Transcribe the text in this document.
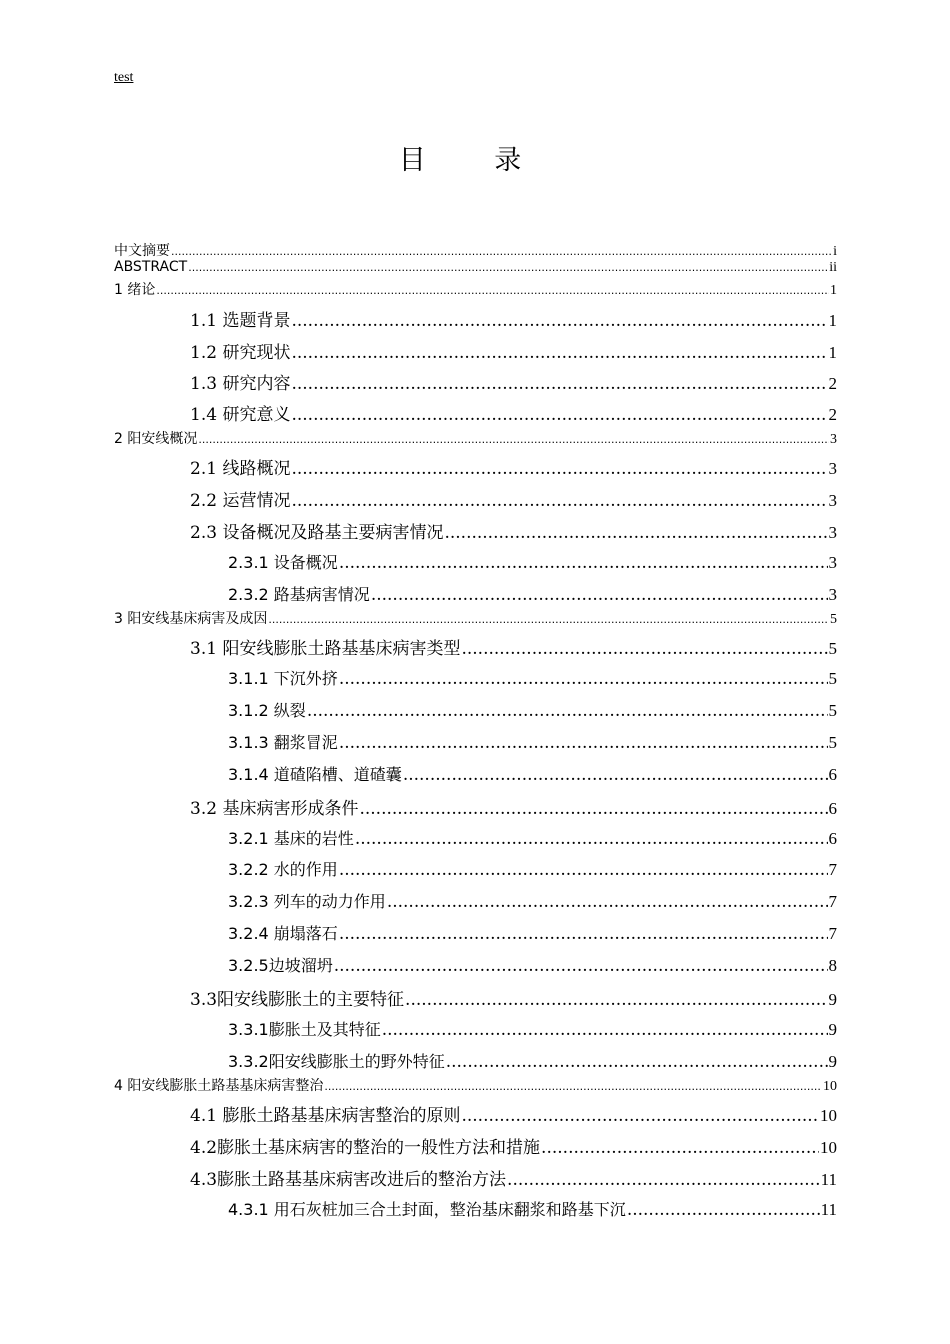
test
目 录
中文摘要 .....	i
ABSTRACT .....	ii
1 绪论 .....	1
1.1 选题背景 .....	1
1.2 研究现状 .....	1
1.3 研究内容 .....	2
1.4 研究意义 .....	2
2 阳安线概况 .....	3
2.1 线路概况 .....	3
2.2 运营情况 .....	3
2.3 设备概况及路基主要病害情况 .....	3
2.3.1 设备概况 .....	3
2.3.2 路基病害情况 .....	3
3 阳安线基床病害及成因 .....	5
3.1 阳安线膨胀土路基基床病害类型 .....	5
3.1.1 下沉外挤 .....	5
3.1.2 纵裂 .....	5
3.1.3 翻浆冒泥 .....	5
3.1.4 道碴陷槽、道碴囊 .....	6
3.2 基床病害形成条件 .....	6
3.2.1 基床的岩性 .....	6
3.2.2 水的作用 .....	7
3.2.3 列车的动力作用 .....	7
3.2.4 崩塌落石 .....	7
3.2.5边坡溜坍 .....	8
3.3阳安线膨胀土的主要特征 .....	9
3.3.1膨胀土及其特征 .....	9
3.3.2阳安线膨胀土的野外特征 .....	9
4 阳安线膨胀土路基基床病害整治 .....	10
4.1 膨胀土路基基床病害整治的原则 .....	10
4.2膨胀土基床病害的整治的一般性方法和措施 .....	10
4.3膨胀土路基基床病害改进后的整治方法 .....	11
4.3.1 用石灰桩加三合土封面，整治基床翻浆和路基下沉 .....	11
